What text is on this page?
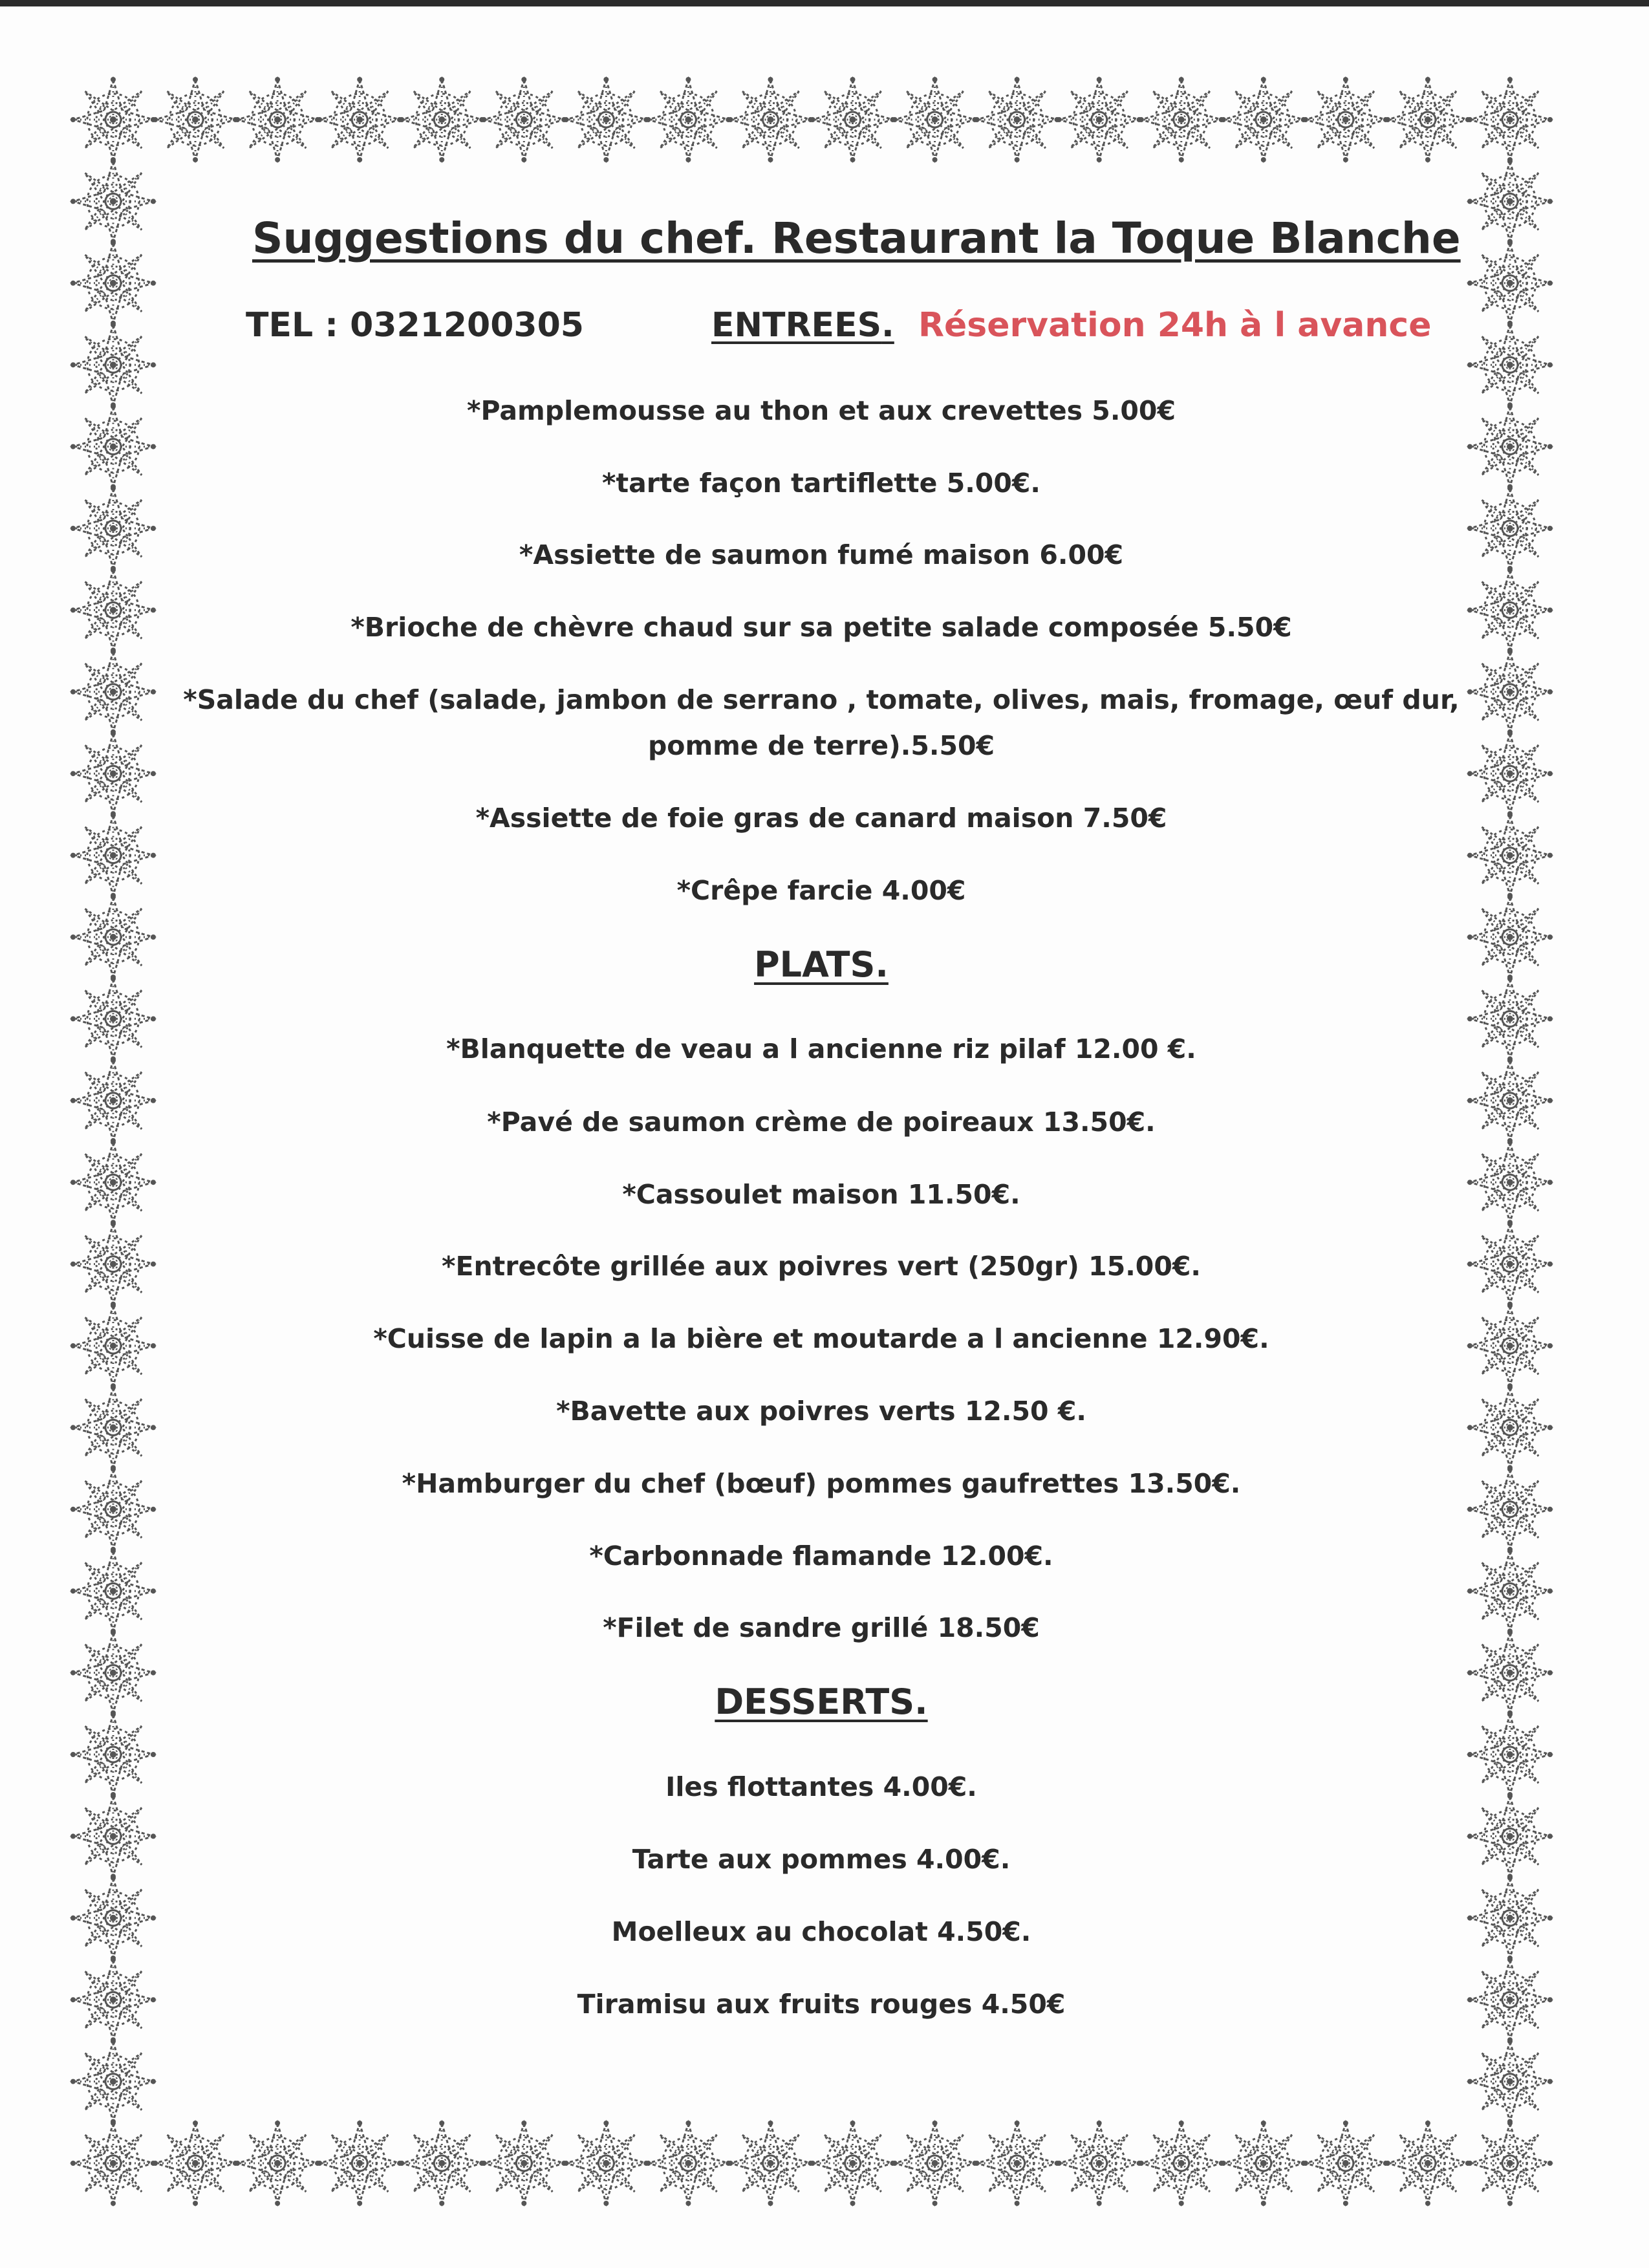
Suggestions du chef. Restaurant la Toque Blanche
TEL : 0321200305	ENTREES. Réservation 24h à l avance
*Pamplemousse au thon et aux crevettes 5.00€
*tarte façon tartiflette 5.00€.
*Assiette de saumon fumé maison 6.00€
*Brioche de chèvre chaud sur sa petite salade composée 5.50€
*Salade du chef (salade, jambon de serrano , tomate, olives, mais, fromage, œuf dur,
pomme de terre).5.50€
*Assiette de foie gras de canard maison 7.50€
*Crêpe farcie 4.00€
PLATS.
*Blanquette de veau a l ancienne riz pilaf 12.00 €.
*Pavé de saumon crème de poireaux 13.50€.
*Cassoulet maison 11.50€.
*Entrecôte grillée aux poivres vert (250gr) 15.00€.
*Cuisse de lapin a la bière et moutarde a l ancienne 12.90€.
*Bavette aux poivres verts 12.50 €.
*Hamburger du chef (bœuf) pommes gaufrettes 13.50€.
*Carbonnade flamande 12.00€.
*Filet de sandre grillé 18.50€
DESSERTS.
Iles flottantes 4.00€.
Tarte aux pommes 4.00€.
Moelleux au chocolat 4.50€.
Tiramisu aux fruits rouges 4.50€
